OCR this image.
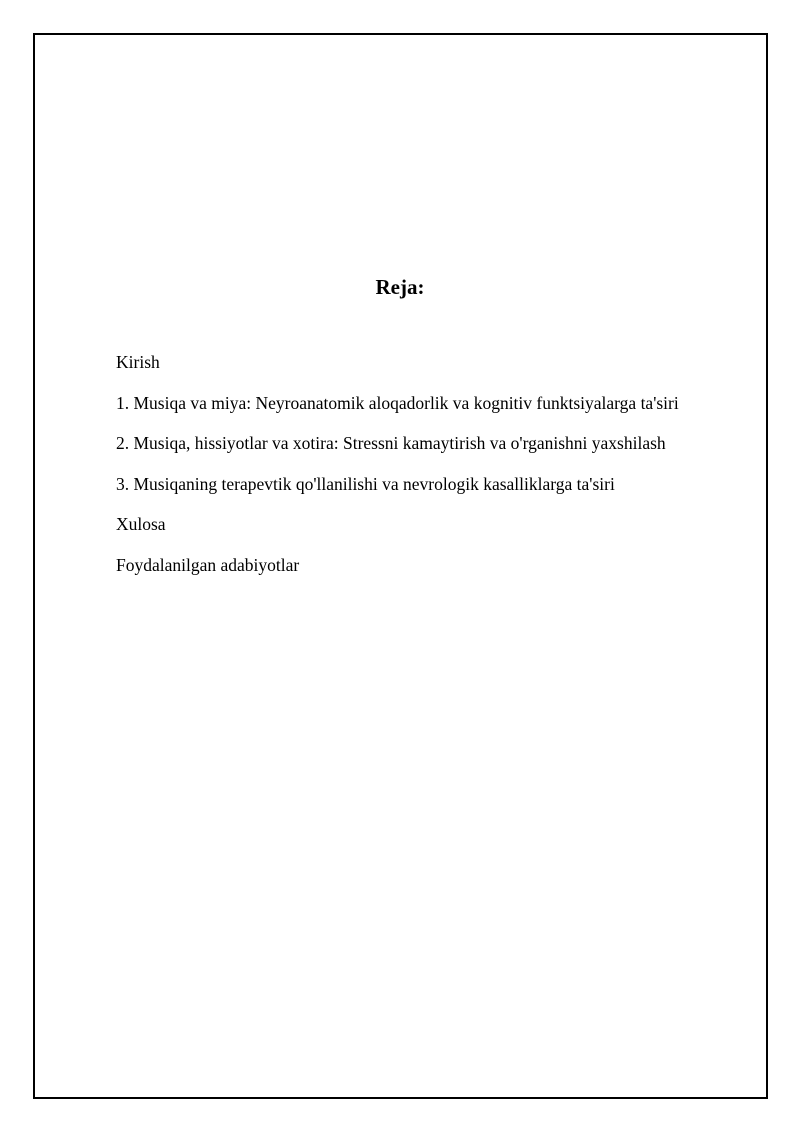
Reja:
Kirish
1. Musiqa va miya: Neyroanatomik aloqadorlik va kognitiv funktsiyalarga ta'siri
2. Musiqa, hissiyotlar va xotira: Stressni kamaytirish va o'rganishni yaxshilash
3. Musiqaning terapevtik qo'llanilishi va nevrologik kasalliklarga ta'siri
Xulosa
Foydalanilgan adabiyotlar
